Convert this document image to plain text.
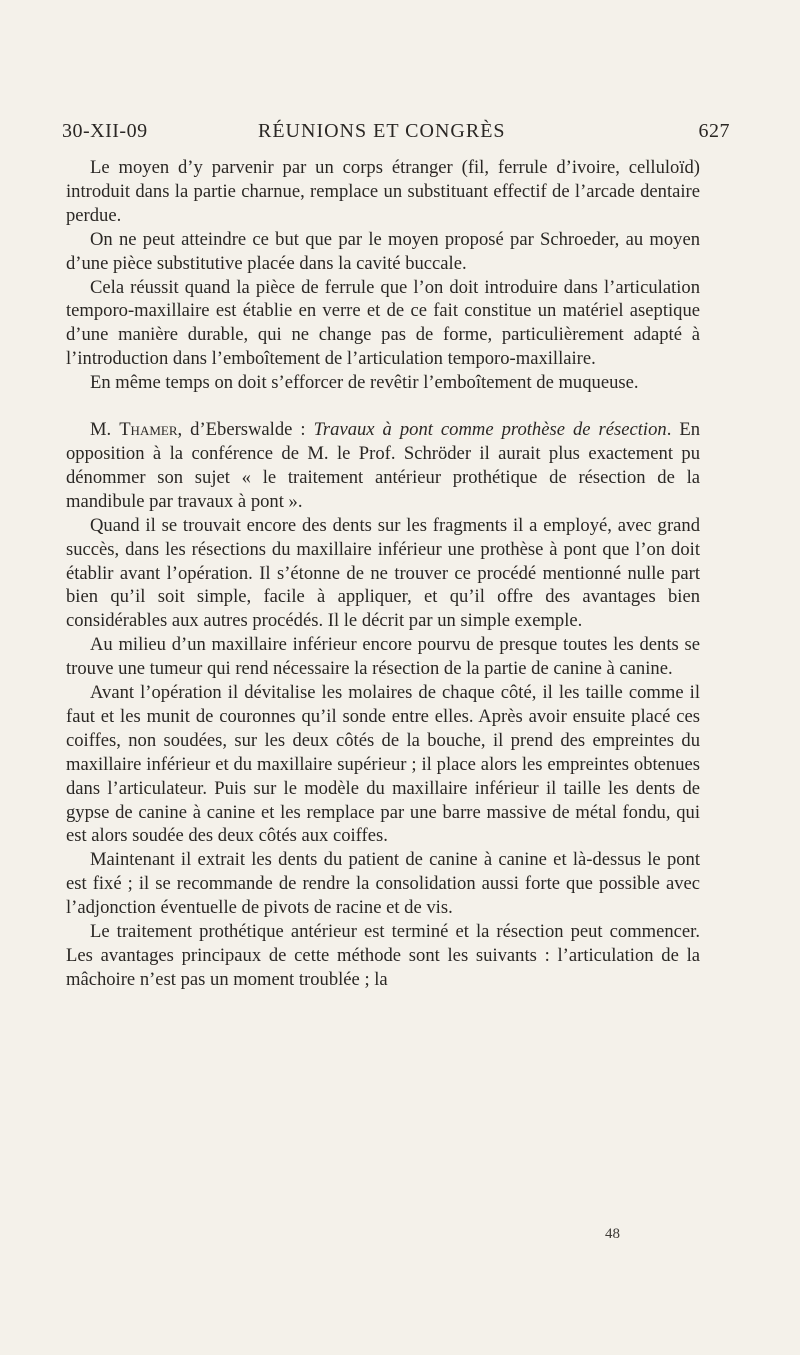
30-XII-09	RÉUNIONS ET CONGRÈS	627

Le moyen d’y parvenir par un corps étranger (fil, ferrule d’ivoire, celluloïd) introduit dans la partie charnue, remplace un substituant effectif de l’arcade dentaire perdue.

On ne peut atteindre ce but que par le moyen proposé par Schroeder, au moyen d’une pièce substitutive placée dans la cavité buccale.

Cela réussit quand la pièce de ferrule que l’on doit introduire dans l’articulation temporo-maxillaire est établie en verre et de ce fait constitue un matériel aseptique d’une manière durable, qui ne change pas de forme, particulièrement adapté à l’introduction dans l’emboîtement de l’articulation temporo-maxillaire.

En même temps on doit s’efforcer de revêtir l’emboîtement de muqueuse.

M. Thamer, d’Eberswalde : Travaux à pont comme prothèse de résection. En opposition à la conférence de M. le Prof. Schröder il aurait plus exactement pu dénommer son sujet « le traitement antérieur prothétique de résection de la mandibule par travaux à pont ».

Quand il se trouvait encore des dents sur les fragments il a employé, avec grand succès, dans les résections du maxillaire inférieur une prothèse à pont que l’on doit établir avant l’opération. Il s’étonne de ne trouver ce procédé mentionné nulle part bien qu’il soit simple, facile à appliquer, et qu’il offre des avantages bien considérables aux autres procédés. Il le décrit par un simple exemple.

Au milieu d’un maxillaire inférieur encore pourvu de presque toutes les dents se trouve une tumeur qui rend nécessaire la résection de la partie de canine à canine.

Avant l’opération il dévitalise les molaires de chaque côté, il les taille comme il faut et les munit de couronnes qu’il sonde entre elles. Après avoir ensuite placé ces coiffes, non soudées, sur les deux côtés de la bouche, il prend des empreintes du maxillaire inférieur et du maxillaire supérieur ; il place alors les empreintes obtenues dans l’articulateur. Puis sur le modèle du maxillaire inférieur il taille les dents de gypse de canine à canine et les remplace par une barre massive de métal fondu, qui est alors soudée des deux côtés aux coiffes.

Maintenant il extrait les dents du patient de canine à canine et là-dessus le pont est fixé ; il se recommande de rendre la consolidation aussi forte que possible avec l’adjonction éventuelle de pivots de racine et de vis.

Le traitement prothétique antérieur est terminé et la résection peut commencer. Les avantages principaux de cette méthode sont les suivants : l’articulation de la mâchoire n’est pas un moment troublée ; la

48
